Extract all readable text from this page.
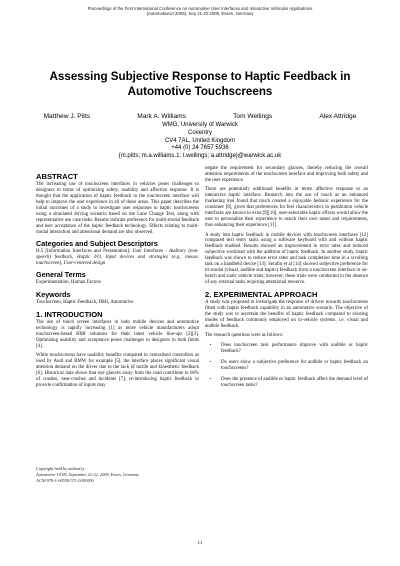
Proceedings of the First International Conference on Automotive User Interfaces and Interactive Vehicular Applications
(AutomotiveUI 2009), Sep 21-22 2009, Essen, Germany
Assessing Subjective Response to Haptic Feedback in
Automotive Touchscreens
Matthew J. Pitts	Mark A. Williams	Tom Wellings	Alex Attridge
WMG, University of Warwick
Coventry
CV4 7AL, United Kingdom
+44 (0) 24 7657 5936
{m.pitts; m.a.williams.1; t.wellings; a.attridge}@warwick.ac.uk
ABSTRACT

The increasing use of touchscreen interfaces in vehicles poses challenges to designers in terms of optimizing safety, usability and affective response. It is thought that the application of haptic feedback to the touchscreen interface will help to improve the user experience in all of these areas. This paper describes the initial outcomes of a study to investigate user responses to haptic touchscreens using a simulated driving scenario based on the Lane Change Test, along with representative use case tasks. Results indicate preference for multi-modal feedback and user acceptance of the haptic feedback technology. Effects relating to multi-modal interaction and attentional demand are also observed.

Categories and Subject Descriptors

H.5 [Information Interfaces and Presentation]: User Interfaces - Auditory (non-speech) feedback, Haptic I/O, Input devices and strategies (e.g., mouse, touchscreen), User-centered design

General Terms

Experimentation, Human Factors

Keywords

Touchscreen, Haptic Feedback, HMI, Automotive

1. INTRODUCTION

The use of touch screen interfaces in both mobile devices and automotive technology is rapidly increasing [1] as more vehicle manufacturers adopt touchscreen-based HMI solutions for their latest vehicle line-ups [2][3]. Optimising usability and acceptance poses challenges to designers in both fields [4].

While touchscreens have usability benefits compared to centralised controllers as used by Audi and BMW for example [5], the interface places significant visual attention demand on the driver due to the lack of tactile and kinesthetic feedback [6]. Historical data shows that eye glances away from the road contribute to 60% of crashes, near-crashes and incidents [7]; re-introducing haptic feedback to provide confirmation of inputs may

negate the requirement for secondary glances, thereby reducing the overall attention requirements of the touchscreen interface and improving both safety and the user experience.

There are potentially additional benefits in terms affective response to an interactive haptic interface. Research into the use of touch as an enhanced marketing tool found that touch created a enjoyable hedonic experience for the consumer [8], given that preferences for feel characteristics in pushbutton vehicle interfaces are known to exist [9][10], user-selectable haptic effects would allow the user to personalise their experience to match their own tastes and requirements, thus enhancing their experience [11].

A study into haptic feedback in mobile devices with touchscreen interfaces [12] compared text entry tasks using a software keyboard with and without haptic feedback enabled. Results showed an improvement in error rates and reduced subjective workload with the addition of haptic feedback. In another study, haptic feedback was shown to reduce error rates and task completion time in a scrolling task on a handheld device [13]. Serafin et al [14] showed subjective preference for tri-modal (visual, audible and haptic) feedback from a touchscreen interface in on-bench and static vehicle trials; however, these trials were conducted in the absence of any external tasks requiring attentional resource.

2. EXPERIMENTAL APPROACH

A study was proposed to investigate the response of drivers towards touchscreens fitted with haptic feedback capability in an automotive scenario. The objective of the study was to ascertain the benefits of haptic feedback compared to existing modes of feedback commonly employed on in-vehicle systems, i.e. visual and audible feedback.

The research questions were as follows:

• Does touchscreen task performance improve with audible or haptic feedback?
• Do users show a subjective preference for audible or haptic feedback on touchscreens?
• Does the presence of audible or haptic feedback affect the demand level of touchscreen tasks?
Copyright held by author(s)
Automotive UI'09, September 21-22, 2009, Essen, Germany
ACM 978-1-60558-571-0/09/009
11
